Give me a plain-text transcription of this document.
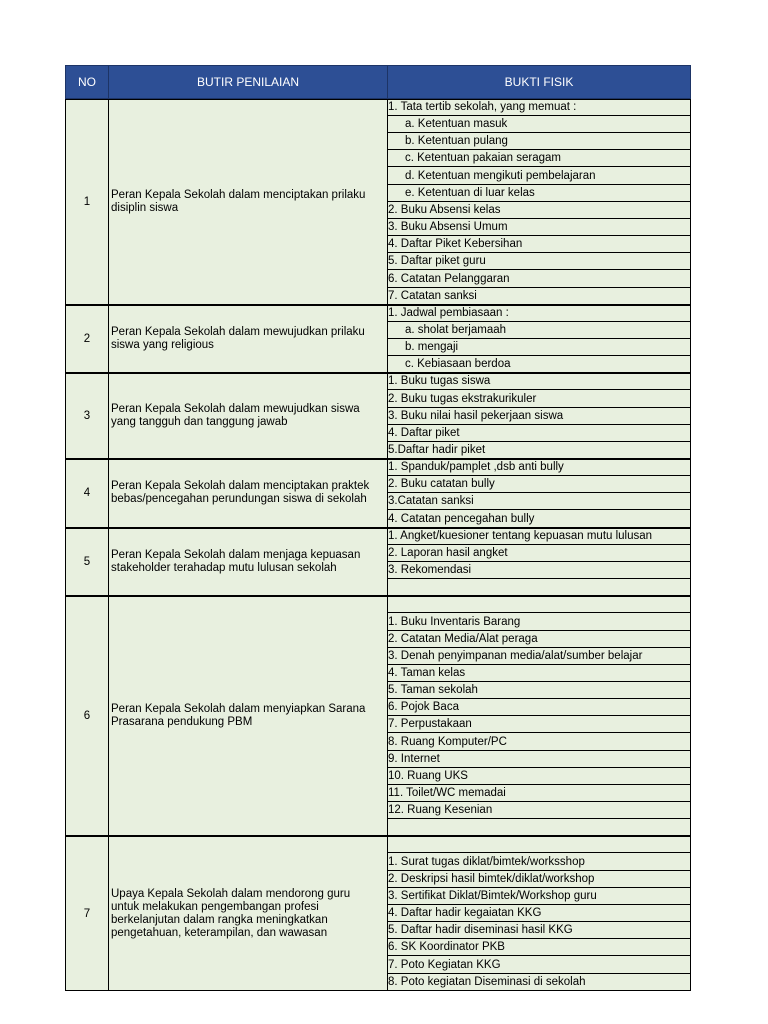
NO	BUTIR PENILAIAN	BUKTI FISIK
1
Peran Kepala Sekolah dalam menciptakan prilaku
disiplin siswa
1. Tata tertib sekolah, yang memuat :
a. Ketentuan masuk
b. Ketentuan pulang
c. Ketentuan pakaian seragam
d. Ketentuan mengikuti pembelajaran
e. Ketentuan di luar kelas
2. Buku Absensi kelas
3. Buku Absensi Umum
4. Daftar Piket Kebersihan
5. Daftar piket guru
6. Catatan Pelanggaran
7. Catatan sanksi
2
Peran Kepala Sekolah dalam mewujudkan prilaku
siswa yang religious
1. Jadwal pembiasaan :
a. sholat berjamaah
b. mengaji
c. Kebiasaan berdoa
3
Peran Kepala Sekolah dalam mewujudkan siswa
yang tangguh dan tanggung jawab
1. Buku tugas siswa
2. Buku tugas ekstrakurikuler
3. Buku nilai hasil pekerjaan siswa
4. Daftar piket
5.Daftar hadir piket
4
Peran Kepala Sekolah dalam menciptakan praktek
bebas/pencegahan perundungan siswa di sekolah
1. Spanduk/pamplet ,dsb anti bully
2. Buku catatan bully
3.Catatan sanksi
4. Catatan pencegahan bully
5
Peran Kepala Sekolah dalam menjaga kepuasan
stakeholder terahadap mutu lulusan sekolah
1. Angket/kuesioner tentang kepuasan mutu lulusan
2. Laporan hasil angket
3. Rekomendasi
6
Peran Kepala Sekolah dalam menyiapkan Sarana
Prasarana pendukung PBM
1. Buku Inventaris Barang
2. Catatan Media/Alat peraga
3. Denah penyimpanan media/alat/sumber belajar
4. Taman kelas
5. Taman sekolah
6. Pojok Baca
7. Perpustakaan
8. Ruang Komputer/PC
9. Internet
10. Ruang UKS
11. Toilet/WC memadai
12. Ruang Kesenian
7
Upaya Kepala Sekolah dalam mendorong guru
untuk melakukan pengembangan profesi
berkelanjutan dalam rangka meningkatkan
pengetahuan, keterampilan, dan wawasan
1. Surat tugas diklat/bimtek/worksshop
2. Deskripsi hasil bimtek/diklat/workshop
3. Sertifikat Diklat/Bimtek/Workshop guru
4. Daftar hadir kegaiatan KKG
5. Daftar hadir diseminasi hasil KKG
6. SK Koordinator PKB
7. Poto Kegiatan KKG
8. Poto kegiatan Diseminasi di sekolah
